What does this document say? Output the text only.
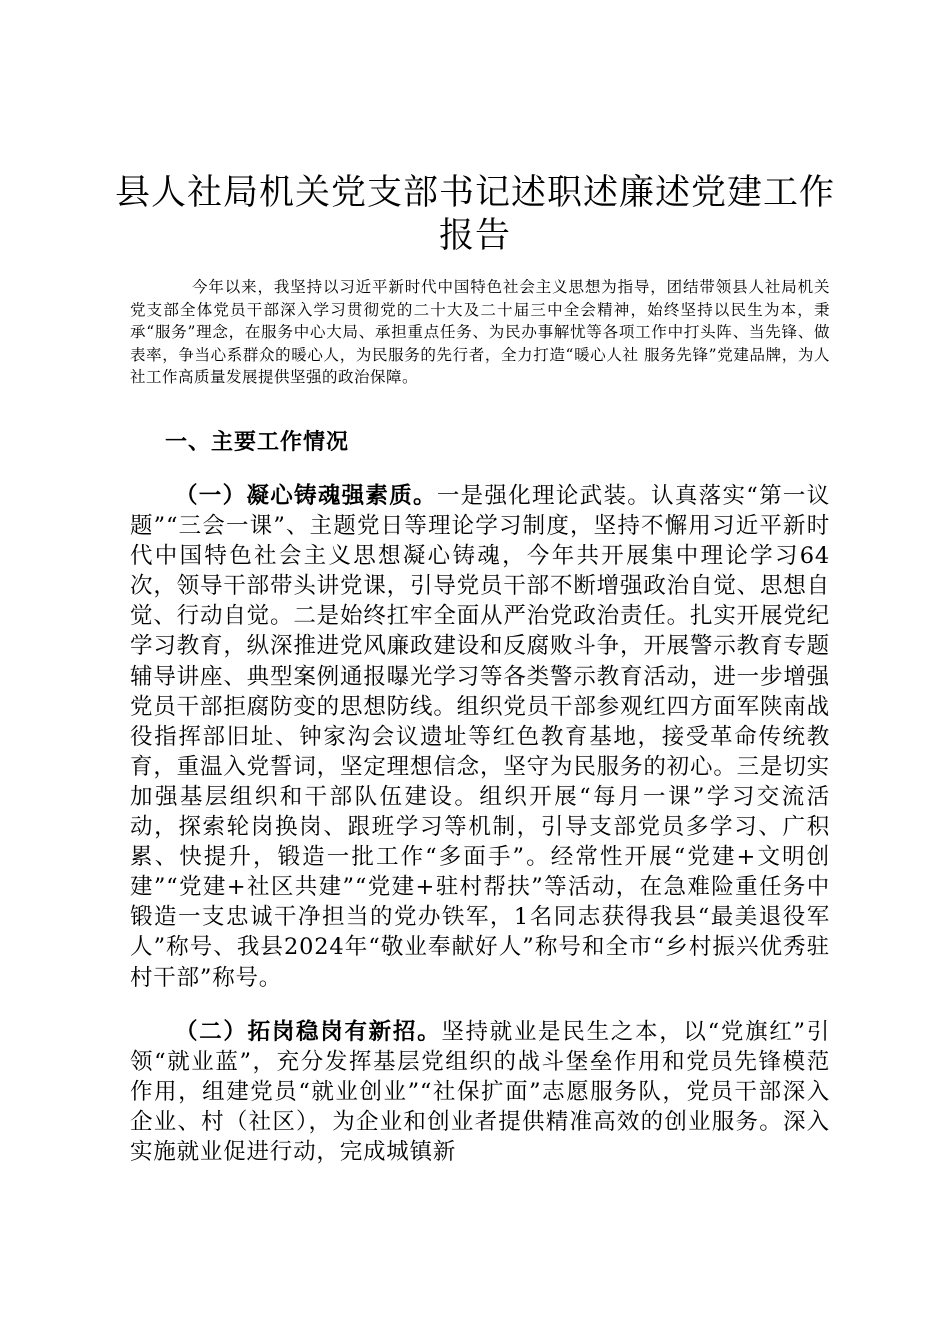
县人社局机关党支部书记述职述廉述党建工作
报告

今年以来，我坚持以习近平新时代中国特色社会主义思想为指导，团结带领县人社局机关党支部全体党员干部深入学习贯彻党的二十大及二十届三中全会精神，始终坚持以民生为本，秉承“服务”理念，在服务中心大局、承担重点任务、为民办事解忧等各项工作中打头阵、当先锋、做表率，争当心系群众的暖心人，为民服务的先行者，全力打造“暖心人社 服务先锋”党建品牌，为人社工作高质量发展提供坚强的政治保障。

一、主要工作情况

（一）凝心铸魂强素质。一是强化理论武装。认真落实“第一议题”“三会一课”、主题党日等理论学习制度，坚持不懈用习近平新时代中国特色社会主义思想凝心铸魂，今年共开展集中理论学习64次，领导干部带头讲党课，引导党员干部不断增强政治自觉、思想自觉、行动自觉。二是始终扛牢全面从严治党政治责任。扎实开展党纪学习教育，纵深推进党风廉政建设和反腐败斗争，开展警示教育专题辅导讲座、典型案例通报曝光学习等各类警示教育活动，进一步增强党员干部拒腐防变的思想防线。组织党员干部参观红四方面军陕南战役指挥部旧址、钟家沟会议遗址等红色教育基地，接受革命传统教育，重温入党誓词，坚定理想信念，坚守为民服务的初心。三是切实加强基层组织和干部队伍建设。组织开展“每月一课”学习交流活动，探索轮岗换岗、跟班学习等机制，引导支部党员多学习、广积累、快提升，锻造一批工作“多面手”。经常性开展“党建+文明创建”“党建+社区共建”“党建+驻村帮扶”等活动，在急难险重任务中锻造一支忠诚干净担当的党办铁军，1名同志获得我县“最美退役军人”称号、我县2024年“敬业奉献好人”称号和全市“乡村振兴优秀驻村干部”称号。

（二）拓岗稳岗有新招。坚持就业是民生之本，以“党旗红”引领“就业蓝”，充分发挥基层党组织的战斗堡垒作用和党员先锋模范作用，组建党员“就业创业”“社保扩面”志愿服务队，党员干部深入企业、村（社区），为企业和创业者提供精准高效的创业服务。深入实施就业促进行动，完成城镇新
